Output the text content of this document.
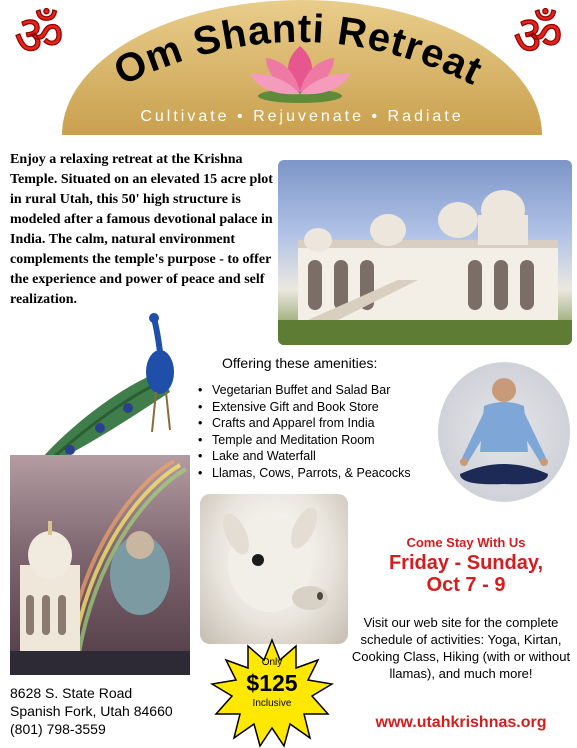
Om Shanti Retreat
Cultivate • Rejuvenate • Radiate
ॐ	ॐ

Enjoy a relaxing retreat at the Krishna Temple. Situated on an elevated 15 acre plot in rural Utah, this 50' high structure is modeled after a famous devotional palace in India. The calm, natural environment complements the temple's purpose - to offer the experience and power of peace and self realization.

Offering these amenities:
• Vegetarian Buffet and Salad Bar
• Extensive Gift and Book Store
• Crafts and Apparel from India
• Temple and Meditation Room
• Lake and Waterfall
• Llamas, Cows, Parrots, & Peacocks

Come Stay With Us

Friday - Sunday,
Oct 7 - 9

Visit our web site for the complete schedule of activities: Yoga, Kirtan, Cooking Class, Hiking (with or without llamas), and much more!

www.utahkrishnas.org

8628 S. State Road
Spanish Fork, Utah 84660
(801) 798-3559
Only
$125
Inclusive
